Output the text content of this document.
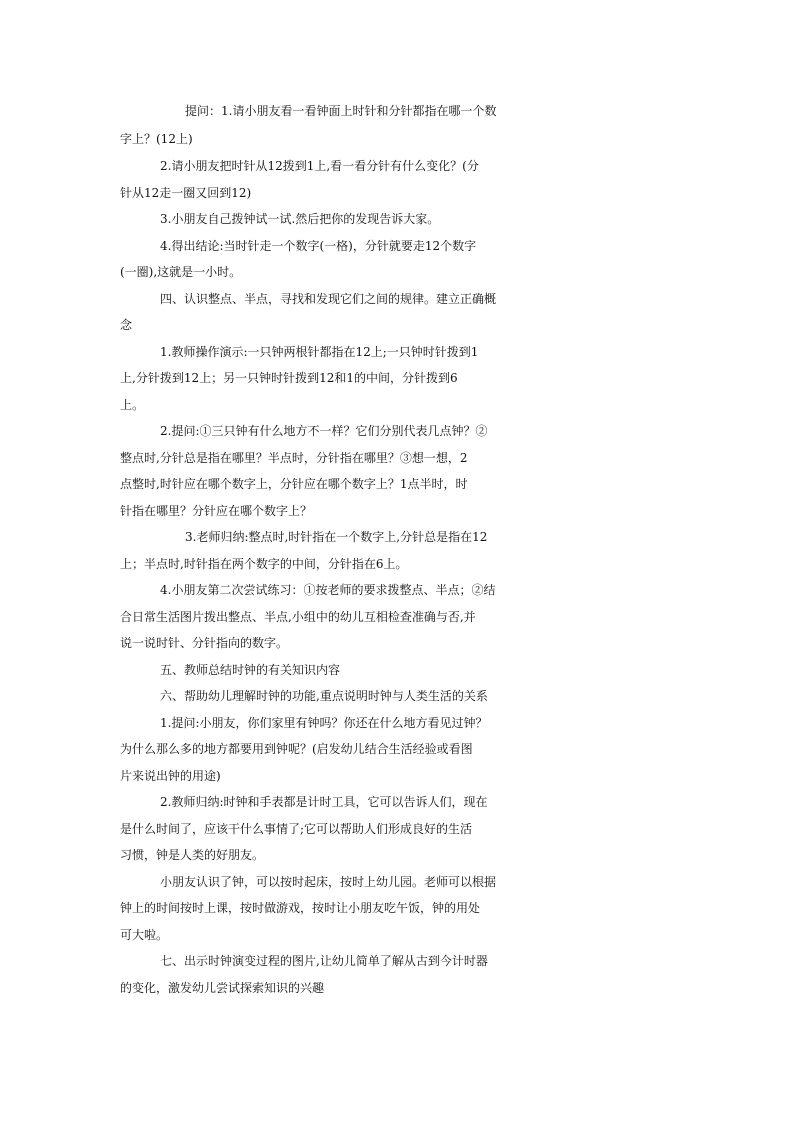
提问：1.请小朋友看一看钟面上时针和分针都指在哪一个数
字上？(12上)
2.请小朋友把时针从12拨到1上,看一看分针有什么变化？(分
针从12走一圈又回到12)
3.小朋友自己拨钟试一试.然后把你的发现告诉大家。
4.得出结论:当时针走一个数字(一格)，分针就要走12个数字
(一圈),这就是一小时。
四、认识整点、半点，寻找和发现它们之间的规律。建立正确概
念
1.教师操作演示:一只钟两根针都指在12上;一只钟时针拨到1
上,分针拨到12上；另一只钟时针拨到12和1的中间，分针拨到6
上。
2.提问:①三只钟有什么地方不一样？它们分别代表几点钟？②
整点时,分针总是指在哪里？半点时，分针指在哪里？③想一想，2
点整时,时针应在哪个数字上，分针应在哪个数字上？1点半时，时
针指在哪里？分针应在哪个数字上？
3.老师归纳:整点时,时针指在一个数字上,分针总是指在12
上；半点时,时针指在两个数字的中间，分针指在6上。
4.小朋友第二次尝试练习：①按老师的要求拨整点、半点；②结
合日常生活图片拨出整点、半点,小组中的幼儿互相检查准确与否,并
说一说时针、分针指向的数字。
五、教师总结时钟的有关知识内容
六、帮助幼儿理解时钟的功能,重点说明时钟与人类生活的关系
1.提问:小朋友，你们家里有钟吗？你还在什么地方看见过钟？
为什么那么多的地方都要用到钟呢？(启发幼儿结合生活经验或看图
片来说出钟的用途)
2.教师归纳:时钟和手表都是计时工具，它可以告诉人们，现在
是什么时间了，应该干什么事情了;它可以帮助人们形成良好的生活
习惯，钟是人类的好朋友。
小朋友认识了钟，可以按时起床，按时上幼儿园。老师可以根据
钟上的时间按时上课，按时做游戏，按时让小朋友吃午饭，钟的用处
可大啦。
七、出示时钟演变过程的图片,让幼儿简单了解从古到今计时器
的变化，激发幼儿尝试探索知识的兴趣
